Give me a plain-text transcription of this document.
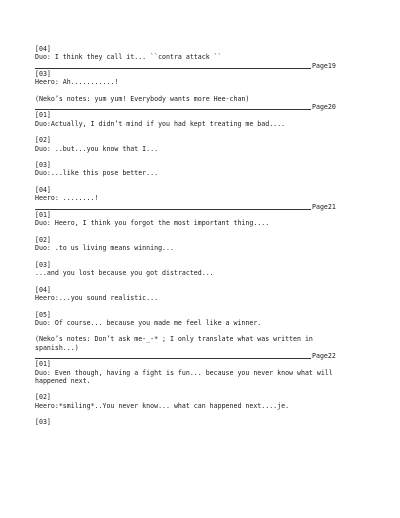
[04]
Duo: I think they call it... ``contra attack ``
Page19
[03]
Heero: Ah...........!
(Neko’s notes: yum yum! Everybody wants more Hee-chan)
Page20
[01]
Duo:Actually, I didn’t mind if you had kept treating me bad....
[02]
Duo: ..but...you know that I...
[03]
Duo:...like this pose better...
[04]
Heero: ........!
Page21
[01]
Duo: Heero, I think you forgot the most important thing....
[02]
Duo: .to us living means winning...
[03]
...and you lost because you got distracted...
[04]
Heero:...you sound realistic...
[05]
Duo: Of course... because you made me feel like a winner.
(Neko’s notes: Don’t ask me-_-* ; I only translate what was written in
spanish...)
Page22
[01]
Duo: Even though, having a fight is fun... because you never know what will
happened next.
[02]
Heero:*smiling*..You never know... what can happened next....je.
[03]
